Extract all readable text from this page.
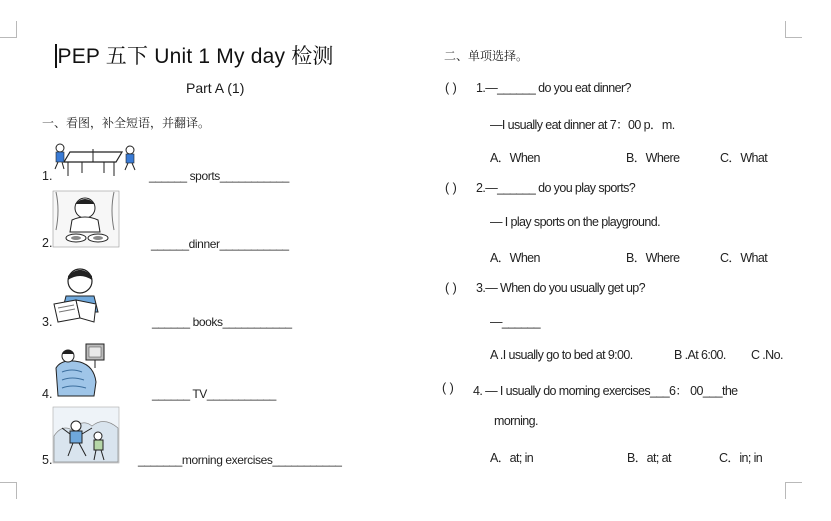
PEP 五下 Unit 1 My day 检测
Part A (1)
一、看图，补全短语，并翻译。
1.	______ sports___________
2.	______dinner___________
3.	______ books___________
4.	______ TV___________
5.	_______morning exercises___________
二、单项选择。
( ) 1.—______ do you eat dinner?
—I usually eat dinner at 7：00 p．m.
A．When	B．Where	C．What
( ) 2.—______ do you play sports?
— I play sports on the playground.
A．When	B．Where	C．What
( ) 3.— When do you usually get up?
—______
A .I usually go to bed at 9:00.	B .At 6:00. C .No.
( ) 4. — I usually do morning exercises___6： 00___the
morning.
A．at; in	B．at; at	C．in; in
